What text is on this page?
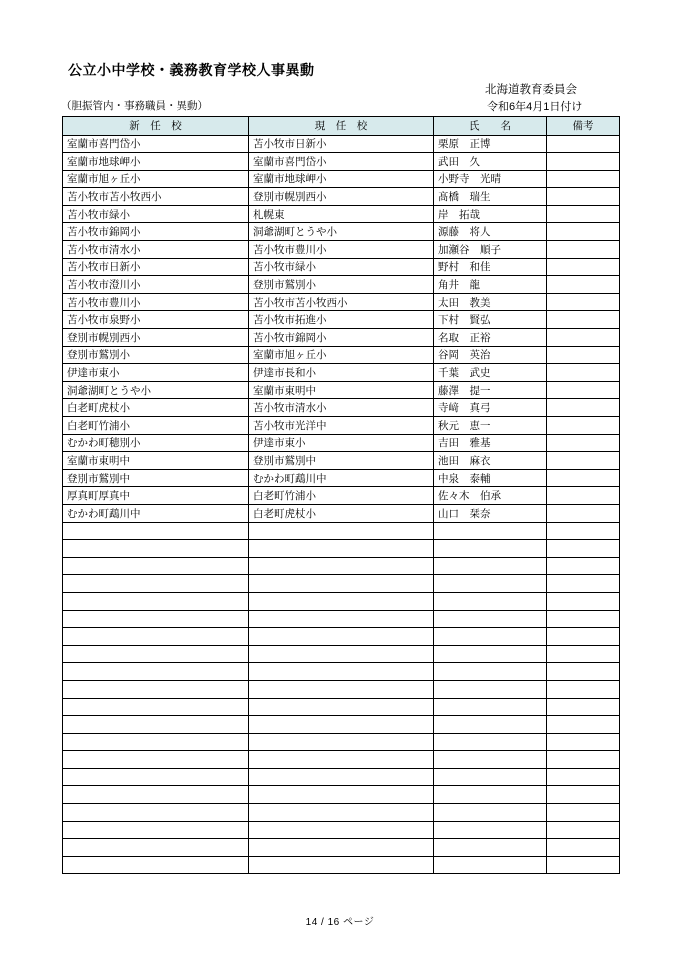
公立小中学校・義務教育学校人事異動
北海道教育委員会
（胆振管内・事務職員・異動）	令和6年4月1日付け
新　任　校	現　任　校	氏　　名	備考
室蘭市喜門岱小	苫小牧市日新小	栗原　正博	
室蘭市地球岬小	室蘭市喜門岱小	武田　久	
室蘭市旭ヶ丘小	室蘭市地球岬小	小野寺　光晴	
苫小牧市苫小牧西小	登別市幌別西小	髙橋　瑞生	
苫小牧市緑小	札幌東	岸　拓哉	
苫小牧市錦岡小	洞爺湖町とうや小	源藤　将人	
苫小牧市清水小	苫小牧市豊川小	加瀬谷　順子	
苫小牧市日新小	苫小牧市緑小	野村　和佳	
苫小牧市澄川小	登別市鷲別小	角井　龍	
苫小牧市豊川小	苫小牧市苫小牧西小	太田　教美	
苫小牧市泉野小	苫小牧市拓進小	下村　賢弘	
登別市幌別西小	苫小牧市錦岡小	名取　正裕	
登別市鷲別小	室蘭市旭ヶ丘小	谷岡　英治	
伊達市東小	伊達市長和小	千葉　武史	
洞爺湖町とうや小	室蘭市東明中	藤澤　提一	
白老町虎杖小	苫小牧市清水小	寺﨑　真弓	
白老町竹浦小	苫小牧市光洋中	秋元　恵一	
むかわ町穂別小	伊達市東小	吉田　雅基	
室蘭市東明中	登別市鷲別中	池田　麻衣	
登別市鷲別中	むかわ町鵡川中	中泉　泰輔	
厚真町厚真中	白老町竹浦小	佐々木　伯承	
むかわ町鵡川中	白老町虎杖小	山口　栞奈	

14 / 16 ページ
